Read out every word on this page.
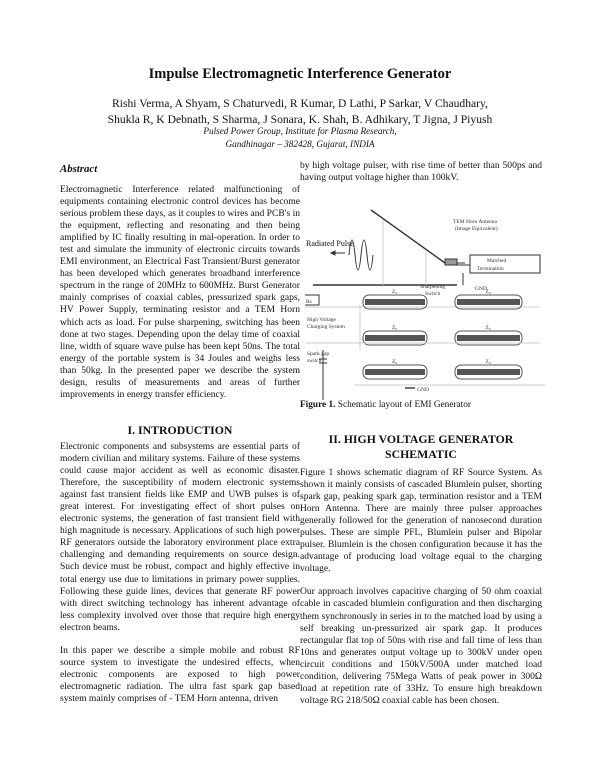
Impulse Electromagnetic Interference Generator
Rishi Verma, A Shyam, S Chaturvedi, R Kumar, D Lathi, P Sarkar, V Chaudhary,
Shukla R, K Debnath, S Sharma, J Sonara, K. Shah, B. Adhikary, T Jigna, J Piyush
Pulsed Power Group, Institute for Plasma Research,
Gandhinagar – 382428, Gujarat, INDIA
Abstract

Electromagnetic Interference related malfunctioning of equipments containing electronic control devices has become serious problem these days, as it couples to wires and PCB's in the equipment, reflecting and resonating and then being amplified by IC finally resulting in mal-operation. In order to test and simulate the immunity of electronic circuits towards EMI environment, an Electrical Fast Transient/Burst generator has been developed which generates broadband interference spectrum in the range of 20MHz to 600MHz. Burst Generator mainly comprises of coaxial cables, pressurized spark gaps, HV Power Supply, terminating resistor and a TEM Horn which acts as load. For pulse sharpening, switching has been done at two stages. Depending upon the delay time of coaxial line, width of square wave pulse has been kept 50ns. The total energy of the portable system is 34 Joules and weighs less than 50kg. In the presented paper we describe the system design, results of measurements and areas of further improvements in energy transfer efficiency.

I. INTRODUCTION

Electronic components and subsystems are essential parts of modern civilian and military systems. Failure of these systems could cause major accident as well as economic disaster. Therefore, the susceptibility of modern electronic systems against fast transient fields like EMP and UWB pulses is of great interest. For investigating effect of short pulses on electronic systems, the generation of fast transient field with high magnitude is necessary. Applications of such high power RF generators outside the laboratory environment place extra challenging and demanding requirements on source design. Such device must be robust, compact and highly effective in total energy use due to limitations in primary power supplies. Following these guide lines, devices that generate RF power with direct switching technology has inherent advantage of less complexity involved over those that require high energy electron beams.

In this paper we describe a simple mobile and robust RF source system to investigate the undesired effects, when electronic components are exposed to high power electromagnetic radiation. The ultra fast spark gap based system mainly comprises of - TEM Horn antenna, driven

by high voltage pulser, with rise time of better than 500ps and having output voltage higher than 100kV.

TEM Horn Antenna
(Image Equivalent)
Radiated Pulse
Matched
Termination
Sharpening
Switch
GND
GND
Rs
High Voltage
Charging System
Spark gap
switch
Z₀	Z₀
Z₀	Z₀
Z₀	Z₀
Figure 1. Schematic layout of EMI Generator
II. HIGH VOLTAGE GENERATOR
SCHEMATIC

Figure 1 shows schematic diagram of RF Source System. As shown it mainly consists of cascaded Blumlein pulser, shorting spark gap, peaking spark gap, termination resistor and a TEM Horn Antenna. There are mainly three pulser approaches generally followed for the generation of nanosecond duration pulses. These are simple PFL, Blumlein pulser and Bipolar pulser. Blumlein is the chosen configuration because it has the advantage of producing load voltage equal to the charging voltage.

Our approach involves capacitive charging of 50 ohm coaxial cable in cascaded blumlein configuration and then discharging them synchronously in series in to the matched load by using a self breaking un-pressurized air spark gap. It produces rectangular flat top of 50ns with rise and fall time of less than 10ns and generates output voltage up to 300kV under open circuit conditions and 150kV/500A under matched load condition, delivering 75Mega Watts of peak power in 300Ω load at repetition rate of 33Hz. To ensure high breakdown voltage RG 218/50Ω coaxial cable has been chosen.
